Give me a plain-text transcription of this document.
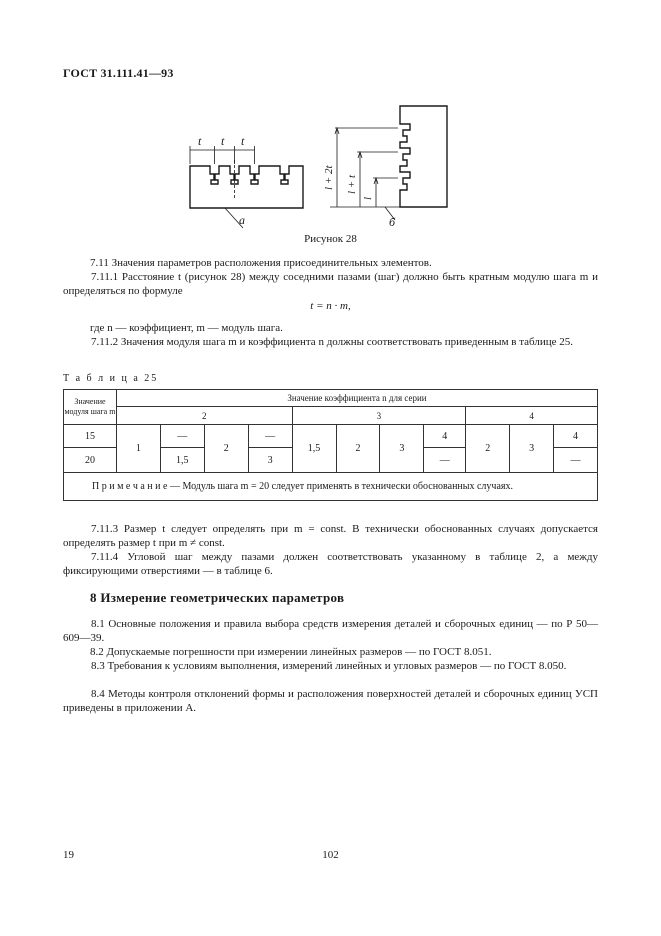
ГОСТ 31.111.41—93
t t t
а
l + 2t l + t
l
б
Рисунок 28
7.11 Значения параметров расположения присоединительных элементов.
7.11.1 Расстояние t (рисунок 28) между соседними пазами (шаг) должно быть кратным модулю шага m и определяться по формуле
t = n · m,
где n — коэффициент, m — модуль шага.
7.11.2 Значения модуля шага m и коэффициента n должны соответствовать приведенным в таблице 25.
Т а б л и ц а 25
Значение модуля шага m	Значение коэффициента n для серии										
	2				3				4		
15	1	—	2	—	1,5	2	3	4	2	3	4
20		1,5		3				—			—
П р и м е ч а н и е — Модуль шага m = 20 следует применять в технически обоснованных случаях.											
7.11.3 Размер t следует определять при m = const. В технически обоснованных случаях допускается определять размер t при m ≠ const.
7.11.4 Угловой шаг между пазами должен соответствовать указанному в таблице 2, а между фиксирующими отверстиями — в таблице 6.
8 Измерение геометрических параметров
8.1 Основные положения и правила выбора средств измерения деталей и сборочных единиц — по Р 50—609—39.
8.2 Допускаемые погрешности при измерении линейных размеров — по ГОСТ 8.051.
8.3 Требования к условиям выполнения, измерений линейных и угловых размеров — по ГОСТ 8.050.
8.4 Методы контроля отклонений формы и расположения поверхностей деталей и сборочных единиц УСП приведены в приложении А.
19	102
